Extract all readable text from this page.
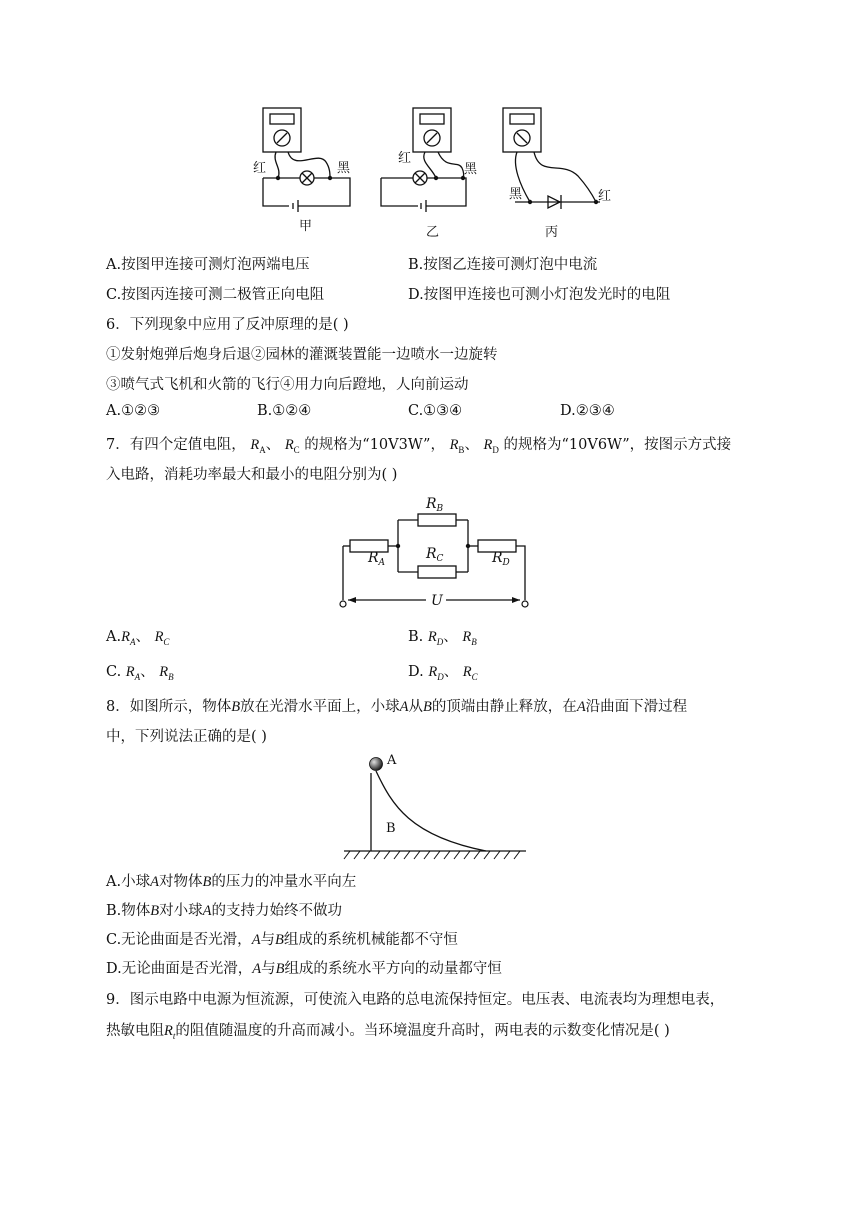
红	黑
甲
红
黑
乙
黑	红
丙
A.按图甲连接可测灯泡两端电压	B.按图乙连接可测灯泡中电流
C.按图丙连接可测二极管正向电阻	D.按图甲连接也可测小灯泡发光时的电阻
6．下列现象中应用了反冲原理的是( )
①发射炮弹后炮身后退②园林的灌溉装置能一边喷水一边旋转
③喷气式飞机和火箭的飞行④用力向后蹬地，人向前运动
A.①②③	B.①②④	C.①③④	D.②③④
7．有四个定值电阻， $R_A$、 $R_C$ 的规格为“10V3W”， $R_B$、 $R_D$ 的规格为“10V6W”，按图示方式接
入电路，消耗功率最大和最小的电阻分别为( )
$R_B$
$R_A$
$R_C$	$R_D$
U
$A.R_A$、 $R_C$	B. $R_D$、 $R_B$
C. $R_A$、 $R_B$	D. $R_D$、 $R_C$
8．如图所示，物体B放在光滑水平面上，小球A从B的顶端由静止释放，在A沿曲面下滑过程
中，下列说法正确的是( )
A
B
A.小球A对物体B的压力的冲量水平向左
B.物体B对小球A的支持力始终不做功
C.无论曲面是否光滑，A与B组成的系统机械能都不守恒
D.无论曲面是否光滑，A与B组成的系统水平方向的动量都守恒
9．图示电路中电源为恒流源，可使流入电路的总电流保持恒定。电压表、电流表均为理想电表，
热敏电阻$R_t$的阻值随温度的升高而减小。当环境温度升高时，两电表的示数变化情况是( )
